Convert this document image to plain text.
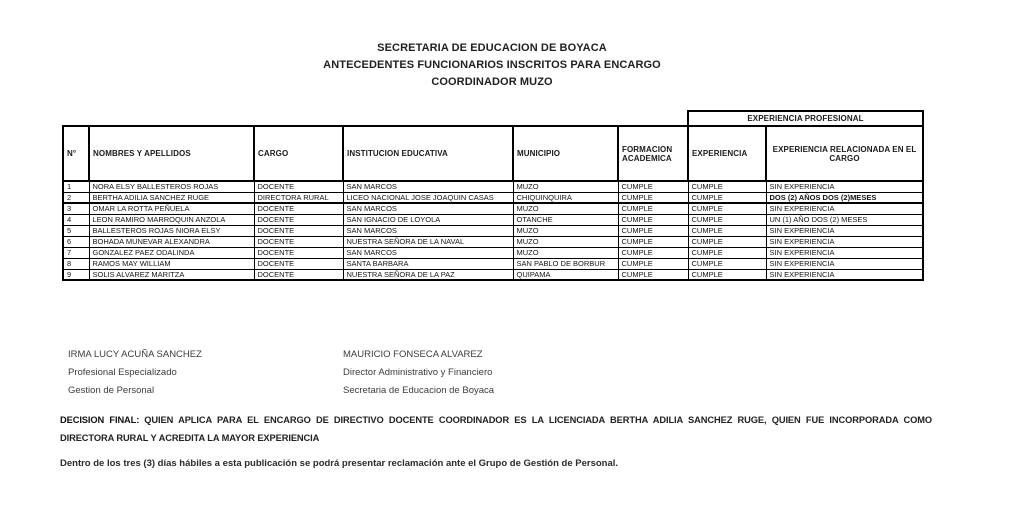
SECRETARIA DE EDUCACION DE BOYACA
ANTECEDENTES FUNCIONARIOS INSCRITOS PARA ENCARGO
COORDINADOR MUZO
						EXPERIENCIA PROFESIONAL	
N°	NOMBRES Y APELLIDOS	CARGO	INSTITUCION EDUCATIVA	MUNICIPIO	FORMACION ACADEMICA	EXPERIENCIA	EXPERIENCIA RELACIONADA EN EL CARGO
1	NORA ELSY BALLESTEROS ROJAS	DOCENTE	SAN MARCOS	MUZO	CUMPLE	CUMPLE	SIN EXPERIENCIA
2	BERTHA ADILIA SANCHEZ RUGE	DIRECTORA RURAL	LICEO NACIONAL JOSE JOAQUIN CASAS	CHIQUINQUIRA	CUMPLE	CUMPLE	DOS (2) AÑOS DOS (2)MESES
3	OMAR LA ROTTA PEÑUELA	DOCENTE	SAN MARCOS	MUZO	CUMPLE	CUMPLE	SIN EXPERIENCIA
4	LEON RAMIRO MARROQUIN ANZOLA	DOCENTE	SAN IGNACIO DE LOYOLA	OTANCHE	CUMPLE	CUMPLE	UN (1) AÑO DOS (2) MESES
5	BALLESTEROS ROJAS NIORA ELSY	DOCENTE	SAN MARCOS	MUZO	CUMPLE	CUMPLE	SIN EXPERIENCIA
6	BOHADA MUNEVAR ALEXANDRA	DOCENTE	NUESTRA SEÑORA DE LA NAVAL	MUZO	CUMPLE	CUMPLE	SIN EXPERIENCIA
7	GONZALEZ PAEZ ODALINDA	DOCENTE	SAN MARCOS	MUZO	CUMPLE	CUMPLE	SIN EXPERIENCIA
8	RAMOS MAY WILLIAM	DOCENTE	SANTA BARBARA	SAN PABLO DE BORBUR	CUMPLE	CUMPLE	SIN EXPERIENCIA
9	SOLIS ALVAREZ MARITZA	DOCENTE	NUESTRA SEÑORA DE LA PAZ	QUIPAMA	CUMPLE	CUMPLE	SIN EXPERIENCIA
IRMA LUCY ACUÑA SANCHEZ
Profesional Especializado
Gestion de Personal
MAURICIO FONSECA ALVAREZ
Director Administrativo y Financiero
Secretaria de Educacion de Boyaca
DECISION FINAL: QUIEN APLICA PARA EL ENCARGO DE DIRECTIVO DOCENTE COORDINADOR ES LA LICENCIADA BERTHA ADILIA SANCHEZ RUGE, QUIEN FUE INCORPORADA COMO DIRECTORA RURAL Y ACREDITA LA MAYOR EXPERIENCIA
Dentro de los tres (3) días hábiles a esta publicación se podrá presentar reclamación ante el Grupo de Gestión de Personal.
